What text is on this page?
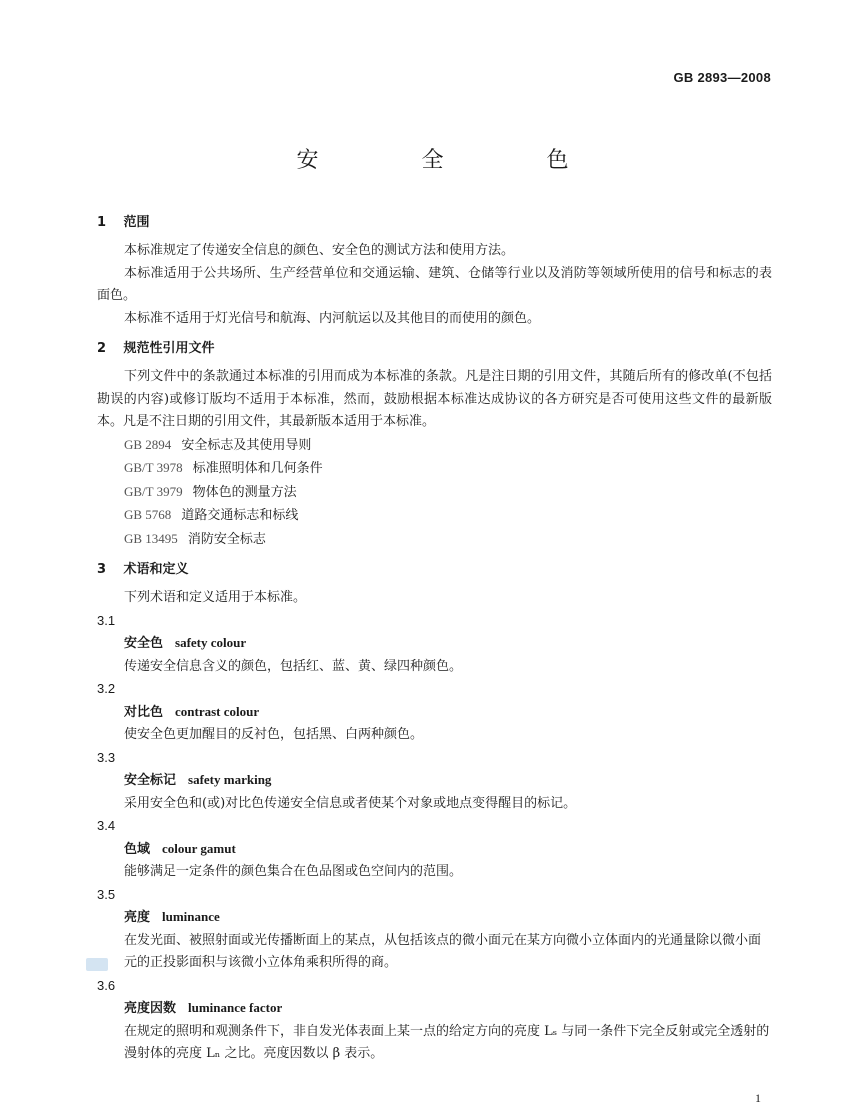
GB 2893—2008
安 全 色
1 范围

本标准规定了传递安全信息的颜色、安全色的测试方法和使用方法。

本标准适用于公共场所、生产经营单位和交通运输、建筑、仓储等行业以及消防等领域所使用的信号和标志的表面色。

本标准不适用于灯光信号和航海、内河航运以及其他目的而使用的颜色。

2 规范性引用文件

下列文件中的条款通过本标准的引用而成为本标准的条款。凡是注日期的引用文件，其随后所有的修改单(不包括勘误的内容)或修订版均不适用于本标准，然而，鼓励根据本标准达成协议的各方研究是否可使用这些文件的最新版本。凡是不注日期的引用文件，其最新版本适用于本标准。

GB 2894 安全标志及其使用导则

GB/T 3978 标准照明体和几何条件

GB/T 3979 物体色的测量方法

GB 5768 道路交通标志和标线

GB 13495 消防安全标志

3 术语和定义

下列术语和定义适用于本标准。

3.1

安全色 safety colour

传递安全信息含义的颜色，包括红、蓝、黄、绿四种颜色。

3.2

对比色 contrast colour

使安全色更加醒目的反衬色，包括黑、白两种颜色。

3.3

安全标记 safety marking

采用安全色和(或)对比色传递安全信息或者使某个对象或地点变得醒目的标记。

3.4

色域 colour gamut

能够满足一定条件的颜色集合在色品图或色空间内的范围。

3.5

亮度 luminance

在发光面、被照射面或光传播断面上的某点，从包括该点的微小面元在某方向微小立体面内的光通量除以微小面元的正投影面积与该微小立体角乘积所得的商。

3.6

亮度因数 luminance factor

在规定的照明和观测条件下，非自发光体表面上某一点的给定方向的亮度 Lₛ 与同一条件下完全反射或完全透射的漫射体的亮度 Lₙ 之比。亮度因数以 β 表示。

1
